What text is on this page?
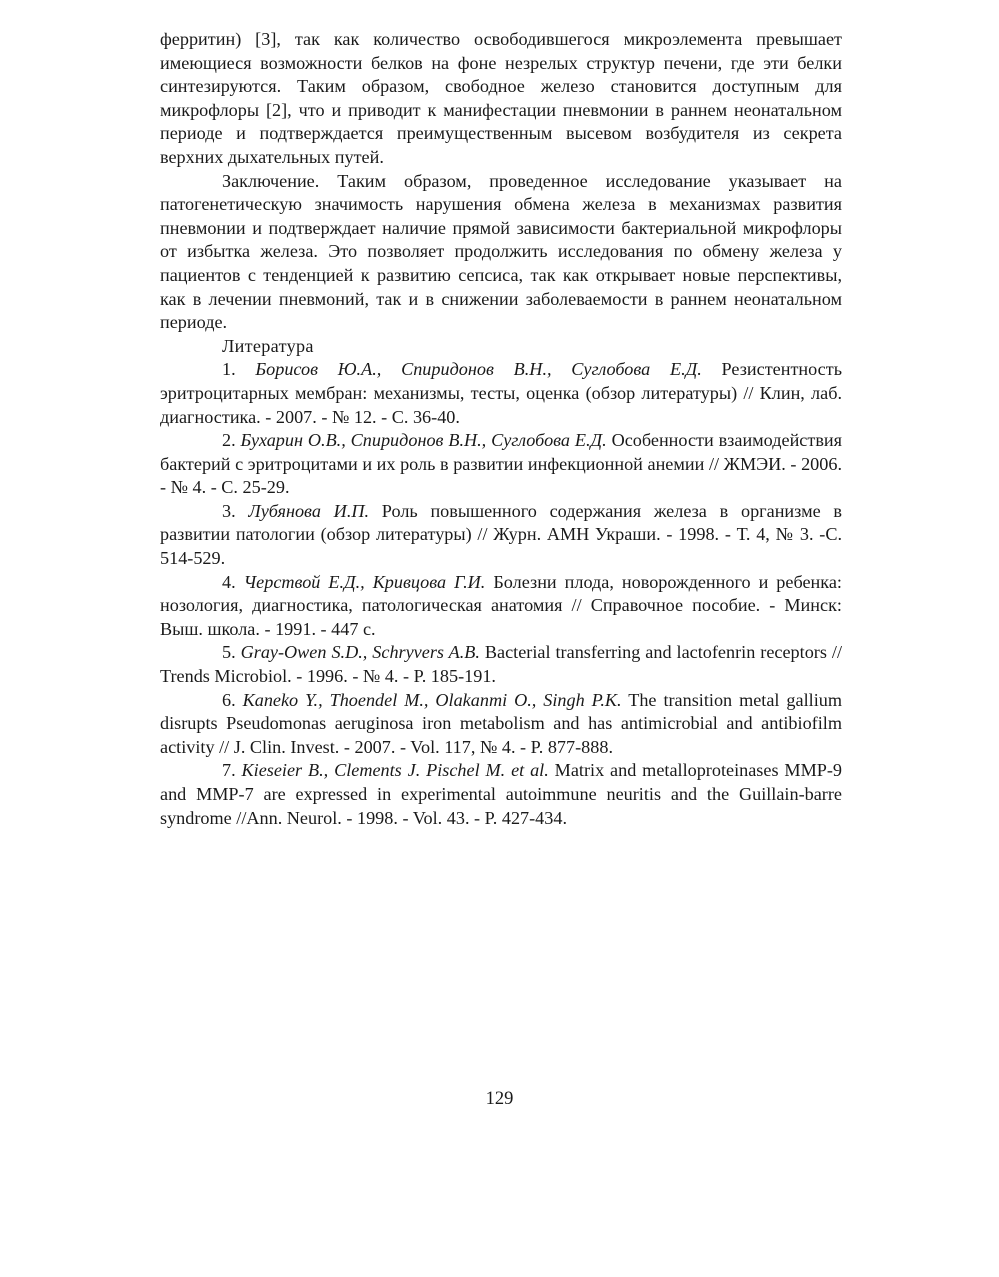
ферритин) [3], так как количество освободившегося микроэлемента превышает имеющиеся возможности белков на фоне незрелых структур печени, где эти белки синтезируются. Таким образом, свободное железо становится доступным для микрофлоры [2], что и приводит к манифестации пневмонии в раннем неонатальном периоде и подтверждается преимущественным высевом возбудителя из секрета верхних дыхательных путей.

Заключение. Таким образом, проведенное исследование указывает на патогенетическую значимость нарушения обмена железа в механизмах развития пневмонии и подтверждает наличие прямой зависимости бактериальной микрофлоры от избытка железа. Это позволяет продолжить исследования по обмену железа у пациентов с тенденцией к развитию сепсиса, так как открывает новые перспективы, как в лечении пневмоний, так и в снижении заболеваемости в раннем неонатальном периоде.

Литература

1. Борисов Ю.А., Спиридонов В.Н., Суглобова Е.Д. Резистентность эритроцитарных мембран: механизмы, тесты, оценка (обзор литературы) // Клин, лаб. диагностика. - 2007. - № 12. - С. 36-40.

2. Бухарин О.В., Спиридонов В.Н., Суглобова Е.Д. Особенности взаимодействия бактерий с эритроцитами и их роль в развитии инфекционной анемии // ЖМЭИ. - 2006. - № 4. - С. 25-29.

3. Лубянова И.П. Роль повышенного содержания железа в организме в развитии патологии (обзор литературы) // Журн. АМН Украши. - 1998. - Т. 4, № 3. -С. 514-529.

4. Черствой Е.Д., Кривцова Г.И. Болезни плода, новорожденного и ребенка: нозология, диагностика, патологическая анатомия // Справочное пособие. - Минск: Выш. школа. - 1991. - 447 с.

5. Gray-Owen S.D., Schryvers A.B. Bacterial transferring and lactofenrin receptors // Trends Microbiol. - 1996. - № 4. - P. 185-191.

6. Kaneko Y., Thoendel M., Olakanmi O., Singh P.K. The transition metal gallium disrupts Pseudomonas aeruginosa iron metabolism and has antimicrobial and antibiofilm activity // J. Clin. Invest. - 2007. - Vol. 117, № 4. - P. 877-888.

7. Kieseier B., Clements J. Pischel M. et al. Matrix and metalloproteinases MMP-9 and MMP-7 are expressed in experimental autoimmune neuritis and the Guillain-barre syndrome //Ann. Neurol. - 1998. - Vol. 43. - P. 427-434.

129
